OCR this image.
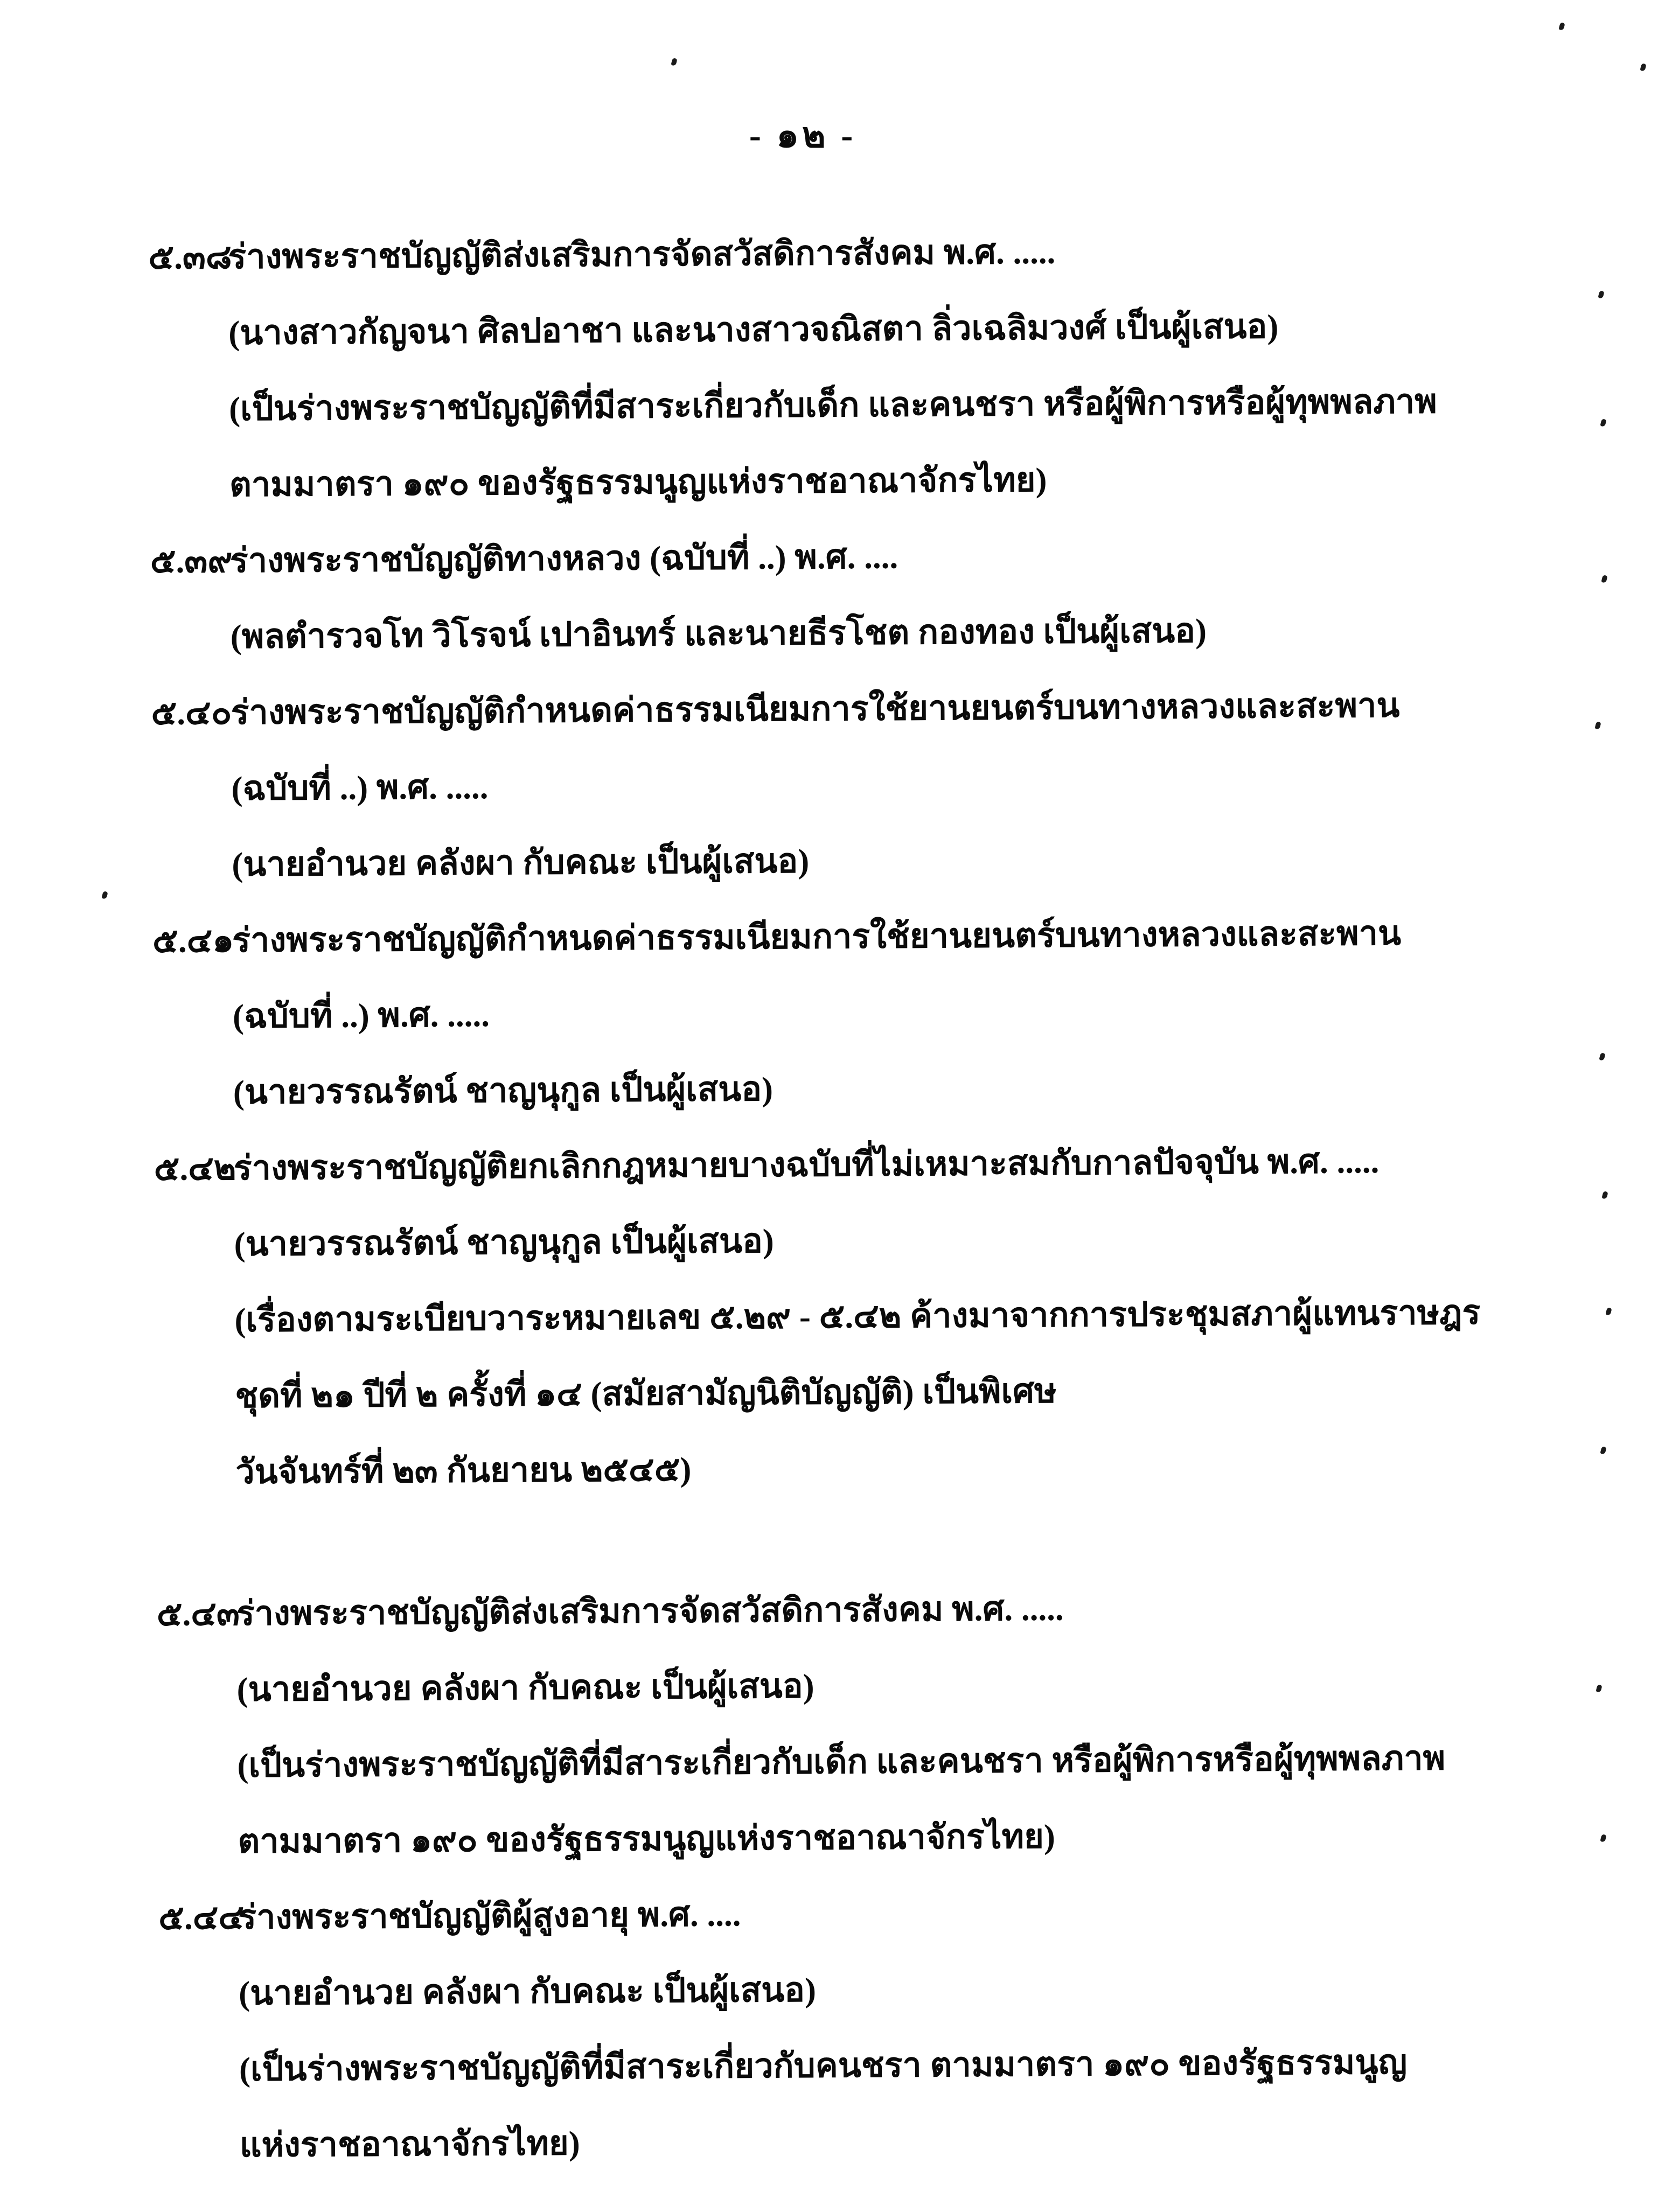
- ๑๒ -
๕.๓๘
ร่างพระราชบัญญัติส่งเสริมการจัดสวัสดิการสังคม พ.ศ. .....
(นางสาวกัญจนา ศิลปอาชา และนางสาวจณิสตา ลิ่วเฉลิมวงศ์ เป็นผู้เสนอ)
(เป็นร่างพระราชบัญญัติที่มีสาระเกี่ยวกับเด็ก และคนชรา หรือผู้พิการหรือผู้ทุพพลภาพ
ตามมาตรา ๑๙๐ ของรัฐธรรมนูญแห่งราชอาณาจักรไทย)
๕.๓๙
ร่างพระราชบัญญัติทางหลวง (ฉบับที่ ..) พ.ศ. ....
(พลตำรวจโท วิโรจน์ เปาอินทร์ และนายธีรโชต กองทอง เป็นผู้เสนอ)
๕.๔๐
ร่างพระราชบัญญัติกำหนดค่าธรรมเนียมการใช้ยานยนตร์บนทางหลวงและสะพาน
(ฉบับที่ ..) พ.ศ. .....
(นายอำนวย คลังผา กับคณะ เป็นผู้เสนอ)
๕.๔๑
ร่างพระราชบัญญัติกำหนดค่าธรรมเนียมการใช้ยานยนตร์บนทางหลวงและสะพาน
(ฉบับที่ ..) พ.ศ. .....
(นายวรรณรัตน์ ชาญนุกูล เป็นผู้เสนอ)
๕.๔๒
ร่างพระราชบัญญัติยกเลิกกฎหมายบางฉบับที่ไม่เหมาะสมกับกาลปัจจุบัน พ.ศ. .....
(นายวรรณรัตน์ ชาญนุกูล เป็นผู้เสนอ)
(เรื่องตามระเบียบวาระหมายเลข ๕.๒๙ - ๕.๔๒ ค้างมาจากการประชุมสภาผู้แทนราษฎร
ชุดที่ ๒๑ ปีที่ ๒ ครั้งที่ ๑๔ (สมัยสามัญนิติบัญญัติ) เป็นพิเศษ
วันจันทร์ที่ ๒๓ กันยายน ๒๕๔๕)
๕.๔๓
ร่างพระราชบัญญัติส่งเสริมการจัดสวัสดิการสังคม พ.ศ. .....
(นายอำนวย คลังผา กับคณะ เป็นผู้เสนอ)
(เป็นร่างพระราชบัญญัติที่มีสาระเกี่ยวกับเด็ก และคนชรา หรือผู้พิการหรือผู้ทุพพลภาพ
ตามมาตรา ๑๙๐ ของรัฐธรรมนูญแห่งราชอาณาจักรไทย)
๕.๔๔
ร่างพระราชบัญญัติผู้สูงอายุ พ.ศ. ....
(นายอำนวย คลังผา กับคณะ เป็นผู้เสนอ)
(เป็นร่างพระราชบัญญัติที่มีสาระเกี่ยวกับคนชรา ตามมาตรา ๑๙๐ ของรัฐธรรมนูญ
แห่งราชอาณาจักรไทย)
